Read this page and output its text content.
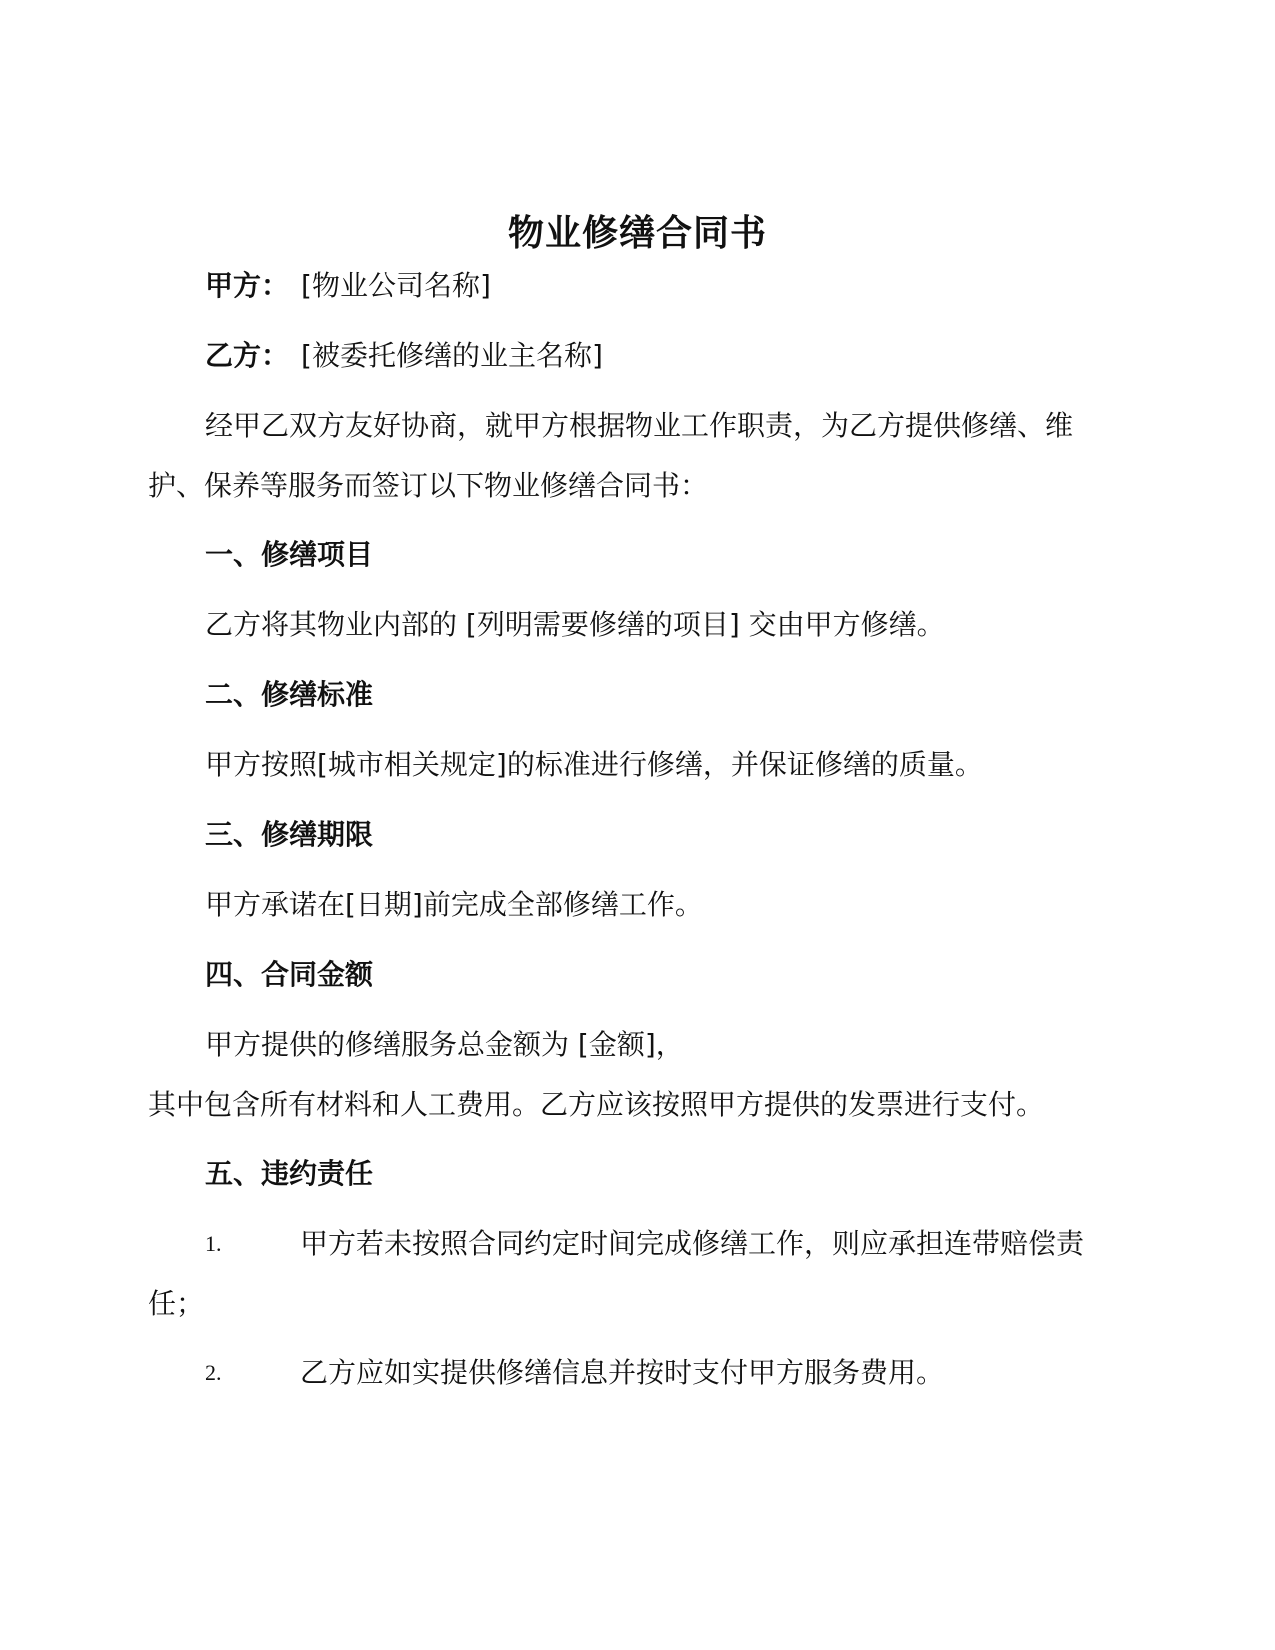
物业修缮合同书
甲方： [物业公司名称]
乙方： [被委托修缮的业主名称]
经甲乙双方友好协商，就甲方根据物业工作职责，为乙方提供修缮、维
护、保养等服务而签订以下物业修缮合同书：
一、修缮项目
乙方将其物业内部的 [列明需要修缮的项目] 交由甲方修缮。
二、修缮标准
甲方按照[城市相关规定]的标准进行修缮，并保证修缮的质量。
三、修缮期限
甲方承诺在[日期]前完成全部修缮工作。
四、合同金额
甲方提供的修缮服务总金额为 [金额]，
其中包含所有材料和人工费用。乙方应该按照甲方提供的发票进行支付。
五、违约责任
1.	甲方若未按照合同约定时间完成修缮工作，则应承担连带赔偿责
任；
2.	乙方应如实提供修缮信息并按时支付甲方服务费用。
